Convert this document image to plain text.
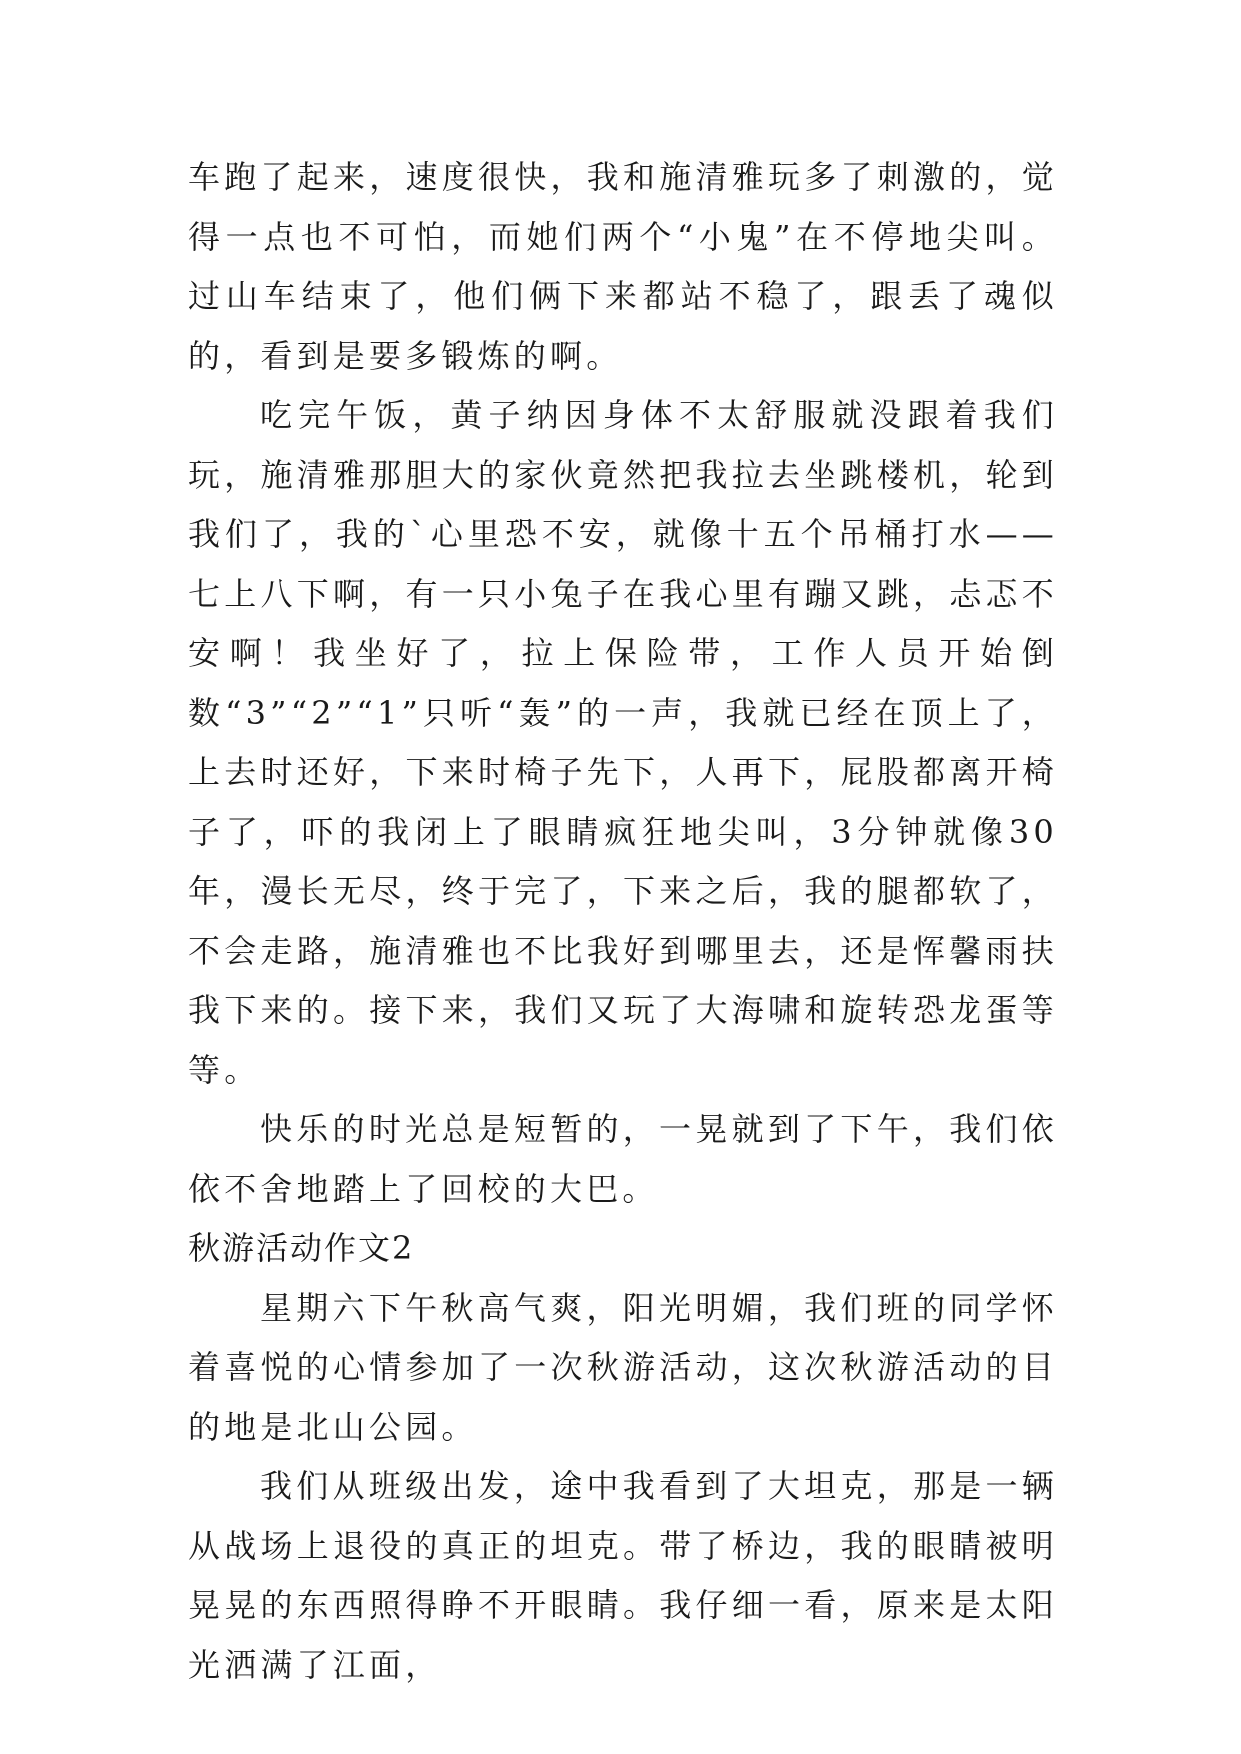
车跑了起来，速度很快，我和施清雅玩多了刺激的，觉得一点也不可怕，而她们两个“小鬼”在不停地尖叫。过山车结束了，他们俩下来都站不稳了，跟丢了魂似的，看到是要多锻炼的啊。

吃完午饭，黄子纳因身体不太舒服就没跟着我们玩，施清雅那胆大的家伙竟然把我拉去坐跳楼机，轮到我们了，我的`心里恐不安，就像十五个吊桶打水——七上八下啊，有一只小兔子在我心里有蹦又跳，忐忑不安啊！我坐好了，拉上保险带，工作人员开始倒数“3”“2”“1”只听“轰”的一声，我就已经在顶上了，上去时还好，下来时椅子先下，人再下，屁股都离开椅子了，吓的我闭上了眼睛疯狂地尖叫，3分钟就像30年，漫长无尽，终于完了，下来之后，我的腿都软了，不会走路，施清雅也不比我好到哪里去，还是恽馨雨扶我下来的。接下来，我们又玩了大海啸和旋转恐龙蛋等等。

快乐的时光总是短暂的，一晃就到了下午，我们依依不舍地踏上了回校的大巴。

秋游活动作文2

星期六下午秋高气爽，阳光明媚，我们班的同学怀着喜悦的心情参加了一次秋游活动，这次秋游活动的目的地是北山公园。

我们从班级出发，途中我看到了大坦克，那是一辆从战场上退役的真正的坦克。带了桥边，我的眼睛被明晃晃的东西照得睁不开眼睛。我仔细一看，原来是太阳光洒满了江面，
